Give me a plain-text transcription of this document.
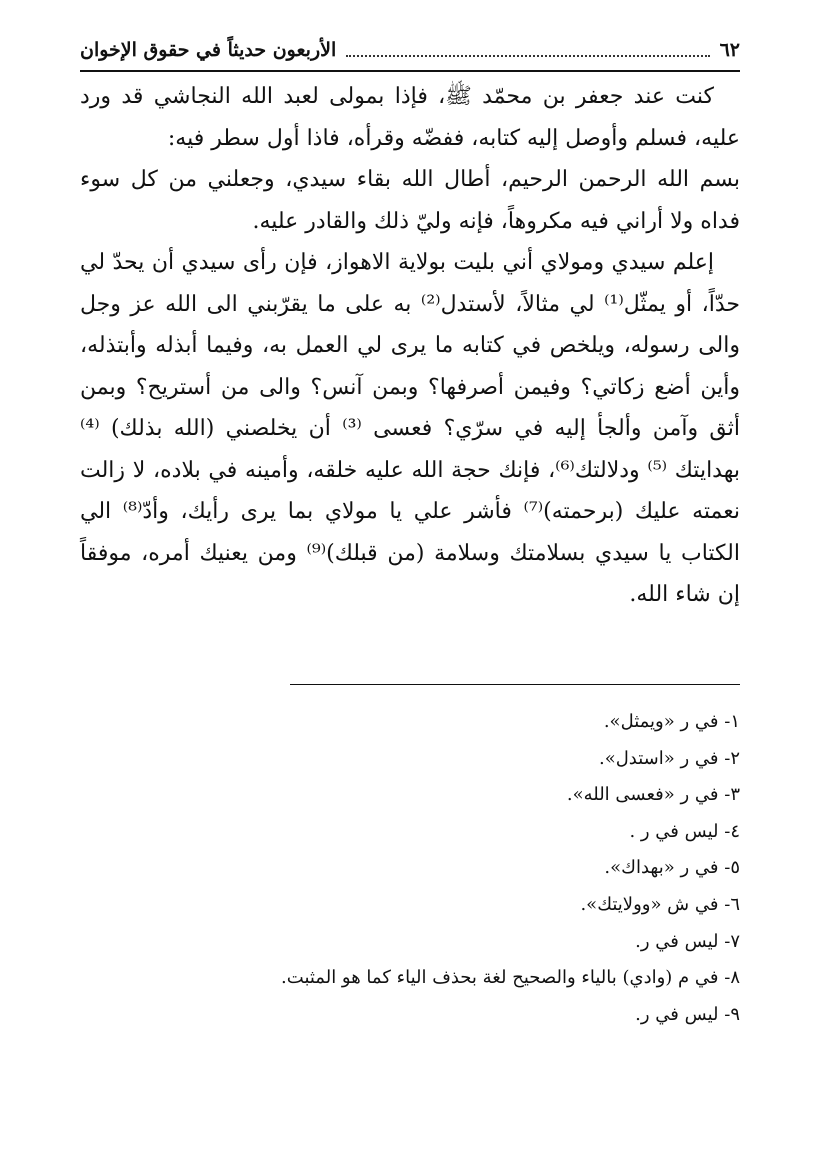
٦٢
الأربعون حديثاً في حقوق الإخوان

كنت عند جعفر بن محمّد ﷺ، فإذا بمولى لعبد الله النجاشي قد ورد عليه، فسلم وأوصل إليه كتابه، ففضّه وقرأه، فاذا أول سطر فيه:

بسم الله الرحمن الرحيم، أطال الله بقاء سيدي، وجعلني من كل سوء فداه ولا أراني فيه مكروهاً، فإنه وليّ ذلك والقادر عليه.

إعلم سيدي ومولاي أني بليت بولاية الاهواز، فإن رأى سيدي أن يحدّ لي حدّاً، أو يمثّل⁽¹⁾ لي مثالاً، لأستدل⁽²⁾ به على ما يقرّبني الى الله عز وجل والى رسوله، ويلخص في كتابه ما يرى لي العمل به، وفيما أبذله وأبتذله، وأين أضع زكاتي؟ وفيمن أصرفها؟ وبمن آنس؟ والى من أستريح؟ وبمن أثق وآمن وألجأ إليه في سرّي؟ فعسى ⁽³⁾ أن يخلصني (الله بذلك) ⁽⁴⁾ بهدايتك ⁽⁵⁾ ودلالتك⁽⁶⁾، فإنك حجة الله عليه خلقه، وأمينه في بلاده، لا زالت نعمته عليك (برحمته)⁽⁷⁾ فأشر علي يا مولاي بما يرى رأيك، وأدّ⁽⁸⁾ الي الكتاب يا سيدي بسلامتك وسلامة (من قبلك)⁽⁹⁾ ومن يعنيك أمره، موفقاً إن شاء الله.

١-

في ر «ويمثل».
٢-

في ر «استدل».
٣-

في ر «فعسى الله».
٤-

ليس في ر .
٥-

في ر «بهداك».
٦-

في ش «وولايتك».
٧-

ليس في ر.
٨-

في م (وادي) بالياء والصحيح لغة بحذف الياء كما هو المثبت.
٩-

ليس في ر.
